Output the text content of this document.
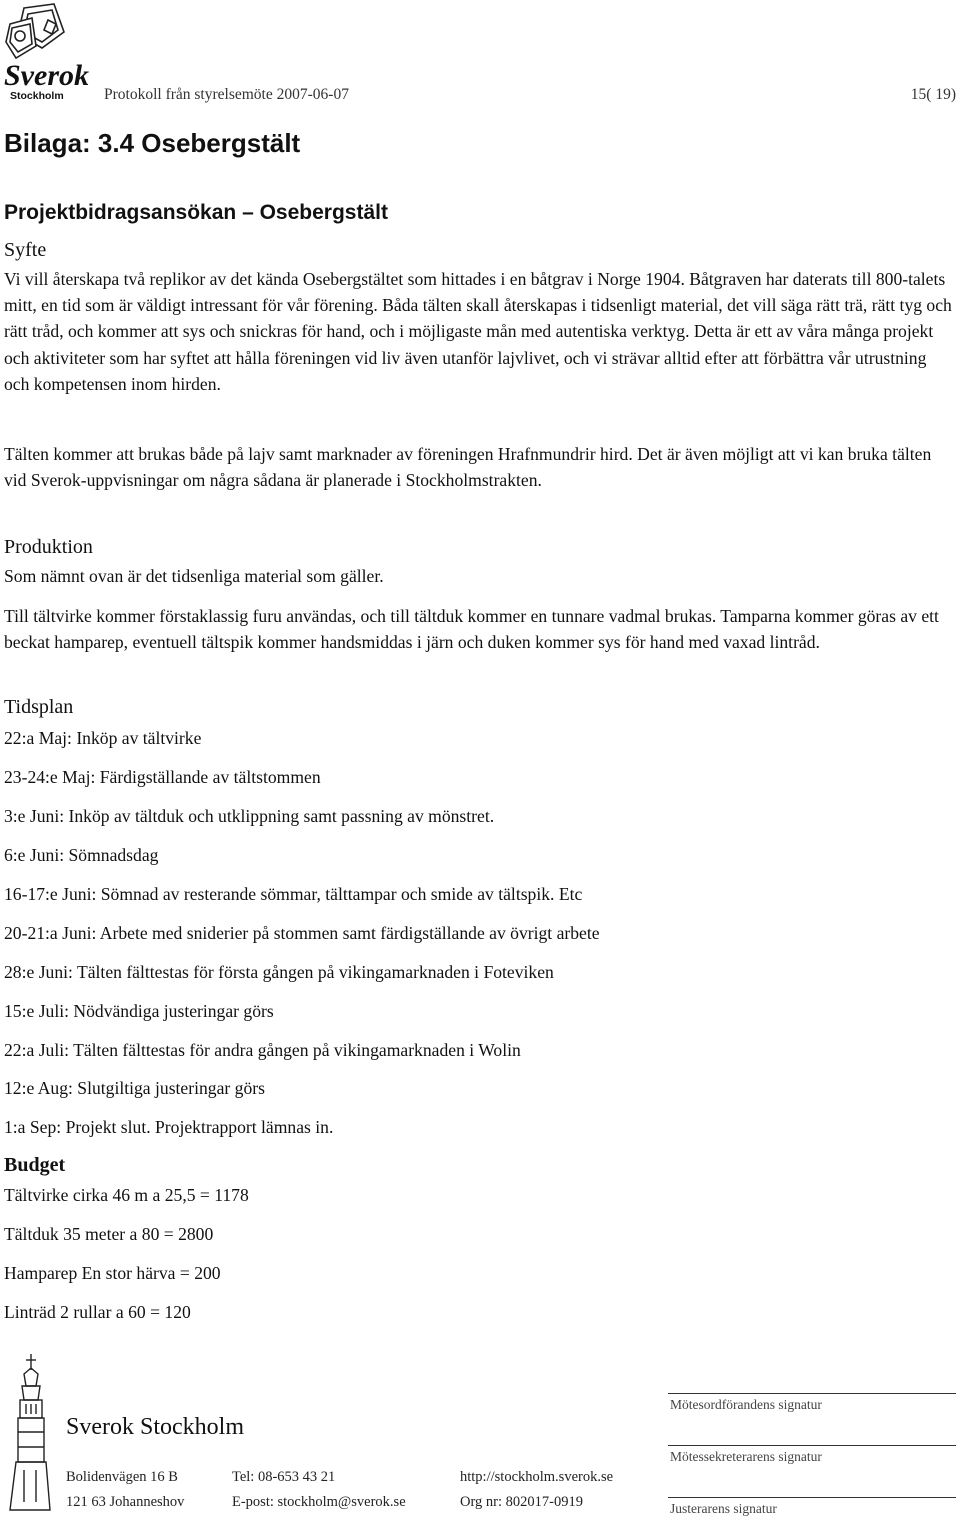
Sverok
Stockholm	Protokoll från styrelsemöte 2007-06-07	15( 19)
Bilaga: 3.4 Osebergstält
Projektbidragsansökan – Osebergstält
Syfte

Vi vill återskapa två replikor av det kända Osebergstältet som hittades i en båtgrav i Norge 1904. Båtgraven har daterats till 800-talets mitt, en tid som är väldigt intressant för vår förening. Båda tälten skall återskapas i tidsenligt material, det vill säga rätt trä, rätt tyg och rätt tråd, och kommer att sys och snickras för hand, och i möjligaste mån med autentiska verktyg. Detta är ett av våra många projekt och aktiviteter som har syftet att hålla föreningen vid liv även utanför lajvlivet, och vi strävar alltid efter att förbättra vår utrustning och kompetensen inom hirden.

Tälten kommer att brukas både på lajv samt marknader av föreningen Hrafnmundrir hird. Det är även möjligt att vi kan bruka tälten vid Sverok-uppvisningar om några sådana är planerade i Stockholmstrakten.

Produktion

Som nämnt ovan är det tidsenliga material som gäller.

Till tältvirke kommer förstaklassig furu användas, och till tältduk kommer en tunnare vadmal brukas. Tamparna kommer göras av ett beckat hamparep, eventuell tältspik kommer handsmiddas i järn och duken kommer sys för hand med vaxad lintråd.

Tidsplan
22:a Maj: Inköp av tältvirke
23-24:e Maj: Färdigställande av tältstommen
3:e Juni: Inköp av tältduk och utklippning samt passning av mönstret.
6:e Juni: Sömnadsdag
16-17:e Juni: Sömnad av resterande sömmar, tälttampar och smide av tältspik. Etc
20-21:a Juni: Arbete med sniderier på stommen samt färdigställande av övrigt arbete
28:e Juni: Tälten fälttestas för första gången på vikingamarknaden i Foteviken
15:e Juli: Nödvändiga justeringar görs
22:a Juli: Tälten fälttestas för andra gången på vikingamarknaden i Wolin
12:e Aug: Slutgiltiga justeringar görs
1:a Sep: Projekt slut. Projektrapport lämnas in.
Budget
Tältvirke cirka 46 m a 25,5 = 1178
Tältduk 35 meter a 80 = 2800
Hamparep En stor härva = 200
Linträd 2 rullar a 60 = 120
Sverok Stockholm
Bolidenvägen 16 B
121 63 Johanneshov
Tel: 08-653 43 21
E-post: stockholm@sverok.se
http://stockholm.sverok.se
Org nr: 802017-0919
Mötesordförandens signatur
Mötessekreterarens signatur
Justerarens signatur
